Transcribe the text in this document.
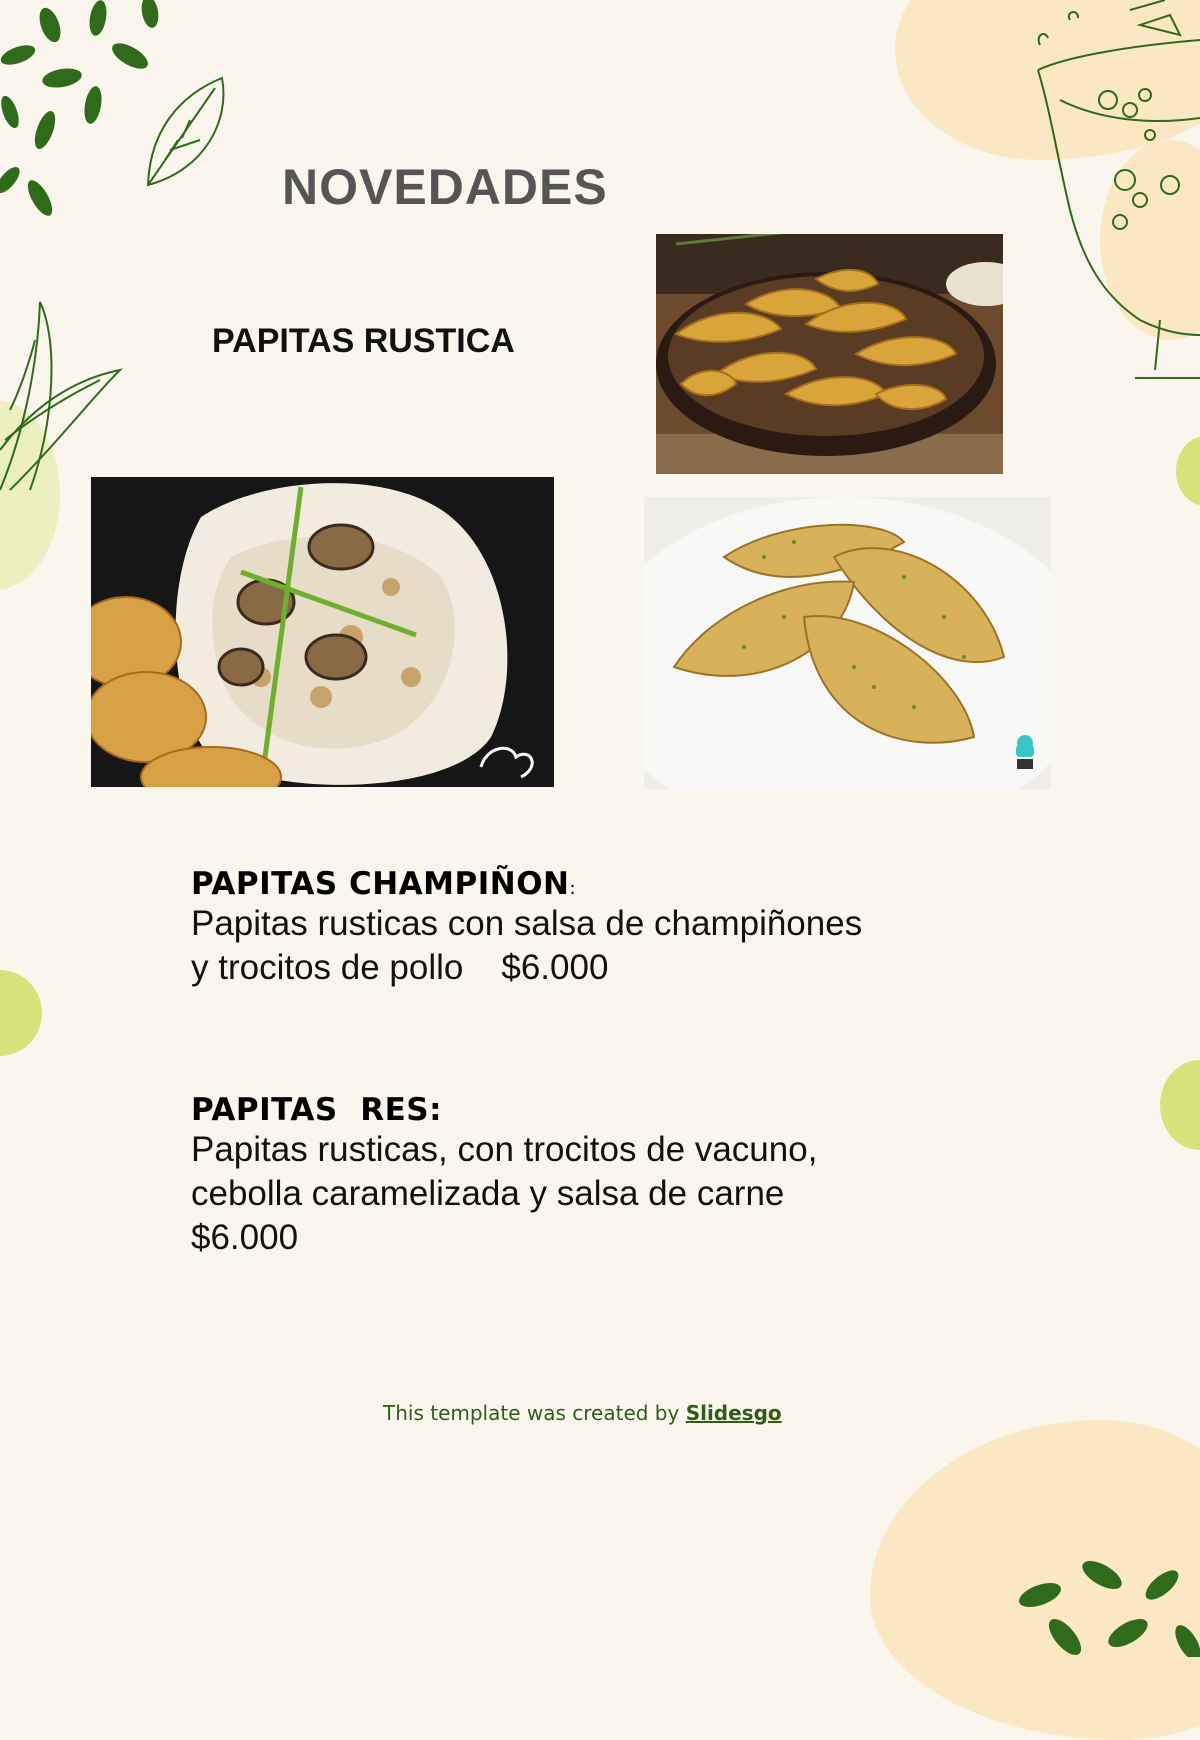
NOVEDADES
PAPITAS RUSTICA

PAPITAS CHAMPIÑON:

Papitas rusticas con salsa de champiñones

y trocitos de pollo $6.000

PAPITAS  RES:

Papitas rusticas, con trocitos de vacuno,

cebolla caramelizada y salsa de carne

$6.000

This template was created by Slidesgo
